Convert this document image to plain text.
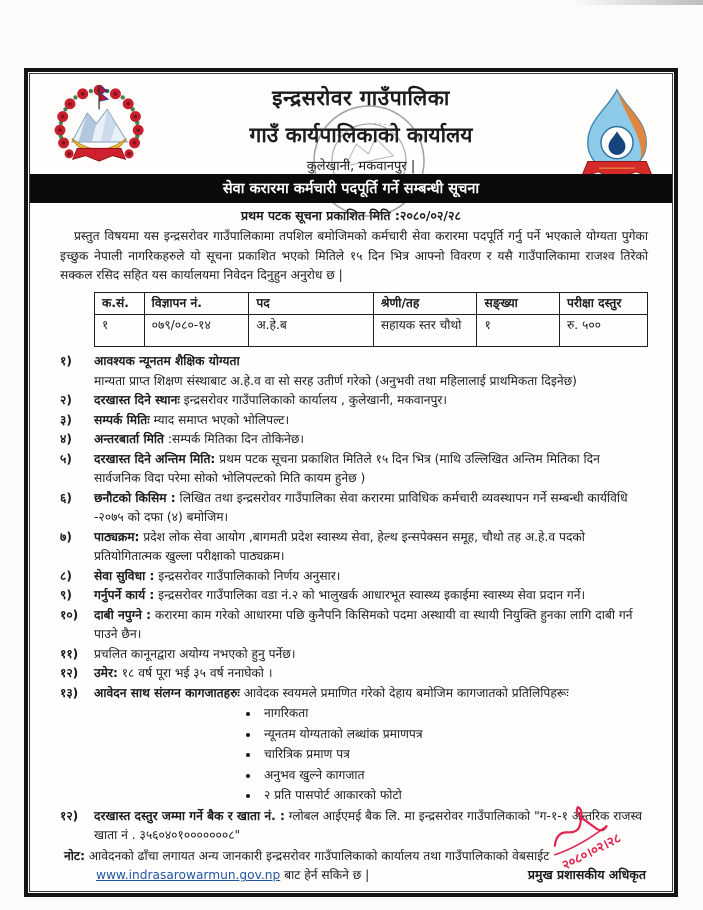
इन्द्रसरोवर गाउँपालिका
गाउँ कार्यपालिकाको कार्यालय
कुलेखानी, मकवानपुर |
सेवा करारमा कर्मचारी पदपूर्ति गर्ने सम्बन्धी सूचना
प्रथम पटक सूचना प्रकाशित मिति :२०८०/०२/२८

प्रस्तुत विषयमा यस इन्द्रसरोवर गाउँपालिकामा तपशिल बमोजिमको कर्मचारी सेवा करारमा पदपूर्ति गर्नु पर्ने भएकाले योग्यता पुगेका इच्छुक नेपाली नागरिकहरुले यो सूचना प्रकाशित भएको मितिले १५ दिन भित्र आफ्नो विवरण र यसै गाउँपालिकामा राजश्व तिरेको सक्कल रसिद सहित यस कार्यालयमा निवेदन दिनुहुन अनुरोध छ |

क.सं.	विज्ञापन नं.	पद	श्रेणी/तह	सङ्ख्या	परीक्षा दस्तुर
१	०७९/०८०-१४	अ.हे.ब	सहायक स्तर चौथो	१	रु. ५००
१)	आवश्यक न्यूनतम शैक्षिक योग्यता
मान्यता प्राप्त शिक्षण संस्थाबाट अ.हे.व वा सो सरह उतीर्ण गरेको (अनुभवी तथा महिलालाई प्राथमिकता दिइनेछ)
२)	दरखास्त दिने स्थानः इन्द्रसरोवर गाउँपालिकाको कार्यालय , कुलेखानी, मकवानपुर।
३)	सम्पर्क मितिः म्याद समाप्त भएको भोलिपल्ट।
४)	अन्तरबार्ता मिति :सम्पर्क मितिका दिन तोकिनेछ।
५)	दरखास्त दिने अन्तिम मिति: प्रथम पटक सूचना प्रकाशित मितिले १५ दिन भित्र (माथि उल्लिखित अन्तिम मितिका दिन सार्वजनिक विदा परेमा सोको भोलिपल्टको मिति कायम हुनेछ )
६)	छनौटको किसिम : लिखित तथा इन्द्रसरोवर गाउँपालिका सेवा करारमा प्राविधिक कर्मचारी व्यवस्थापन गर्ने सम्बन्धी कार्यविधि -२०७५ को दफा (४) बमोजिम।
७)	पाठ्यक्रम: प्रदेश लोक सेवा आयोग ,बागमती प्रदेश स्वास्थ्य सेवा, हेल्थ इन्सपेक्सन समूह, चौथो तह अ.हे.व पदको प्रतियोगितात्मक खुल्ला परीक्षाको पाठ्यक्रम।
८)	सेवा सुविधा : इन्द्रसरोवर गाउँपालिकाको निर्णय अनुसार।
९)	गर्नुपर्ने कार्य : इन्द्रसरोवर गाउँपालिका वडा नं.२ को भालुखर्क आधारभूत स्वास्थ्य इकाईमा स्वास्थ्य सेवा प्रदान गर्ने।
१०)	दाबी नपुग्ने : करारमा काम गरेको आधारमा पछि कुनैपनि किसिमको पदमा अस्थायी वा स्थायी नियुक्ति हुनका लागि दाबी गर्न पाउने छैन।
११)	प्रचलित कानूनद्वारा अयोग्य नभएको हुनु पर्नेछ।
१२)	उमेर: १८ वर्ष पूरा भई ३५ वर्ष ननाघेको ।
१३)	आवेदन साथ संलग्न कागजातहरुः आवेदक स्वयमले प्रमाणित गरेको देहाय बमोजिम कागजातको प्रतिलिपिहरूः
• नागरिकता
• न्यूनतम योग्यताको लब्धांक प्रमाणपत्र
• चारित्रिक प्रमाण पत्र
• अनुभव खुल्ने कागजात
• २ प्रति पासपोर्ट आकारको फोटो
१२)	दरखास्त दस्तुर जम्मा गर्ने बैक र खाता नं. : ग्लोबल आईएमई बैक लि. मा इन्द्रसरोवर गाउँपालिकाको "ग-१-१ अन्तरिक राजस्व खाता नं . ३५६०४०१०००००००८"
नोट: आवेदनको ढाँचा लगायत अन्य जानकारी इन्द्रसरोवर गाउँपालिकाको कार्यालय तथा गाउँपालिकाको वेबसाईट
www.indrasarowarmun.gov.np बाट हेर्न सकिने छ |
२०८०।०२।२८
प्रमुख प्रशासकीय अधिकृत
